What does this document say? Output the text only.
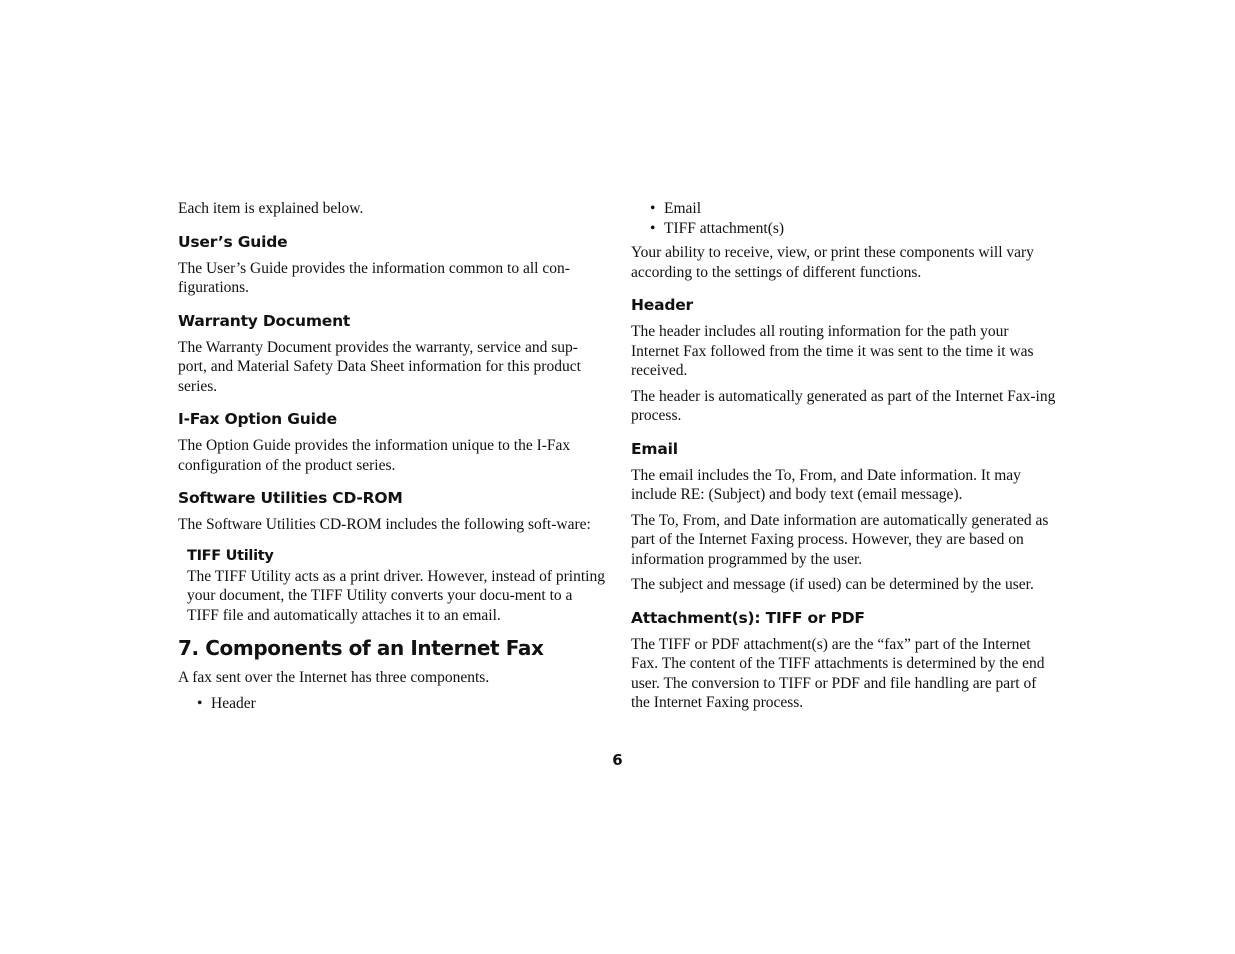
Each item is explained below.

User’s Guide

The User’s Guide provides the information common to all con-figurations.

Warranty Document

The Warranty Document provides the warranty, service and sup-port, and Material Safety Data Sheet information for this product series.

I-Fax Option Guide

The Option Guide provides the information unique to the I-Fax configuration of the product series.

Software Utilities CD-ROM

The Software Utilities CD-ROM includes the following soft-ware:

TIFF Utility

The TIFF Utility acts as a print driver. However, instead of printing your document, the TIFF Utility converts your docu-ment to a TIFF file and automatically attaches it to an email.

7. Components of an Internet Fax

A fax sent over the Internet has three components.

• Header
• Email
• TIFF attachment(s)

Your ability to receive, view, or print these components will vary according to the settings of different functions.

Header

The header includes all routing information for the path your Internet Fax followed from the time it was sent to the time it was received.

The header is automatically generated as part of the Internet Fax-ing process.

Email

The email includes the To, From, and Date information. It may include RE: (Subject) and body text (email message).

The To, From, and Date information are automatically generated as part of the Internet Faxing process. However, they are based on information programmed by the user.

The subject and message (if used) can be determined by the user.

Attachment(s): TIFF or PDF

The TIFF or PDF attachment(s) are the “fax” part of the Internet Fax. The content of the TIFF attachments is determined by the end user. The conversion to TIFF or PDF and file handling are part of the Internet Faxing process.

6
